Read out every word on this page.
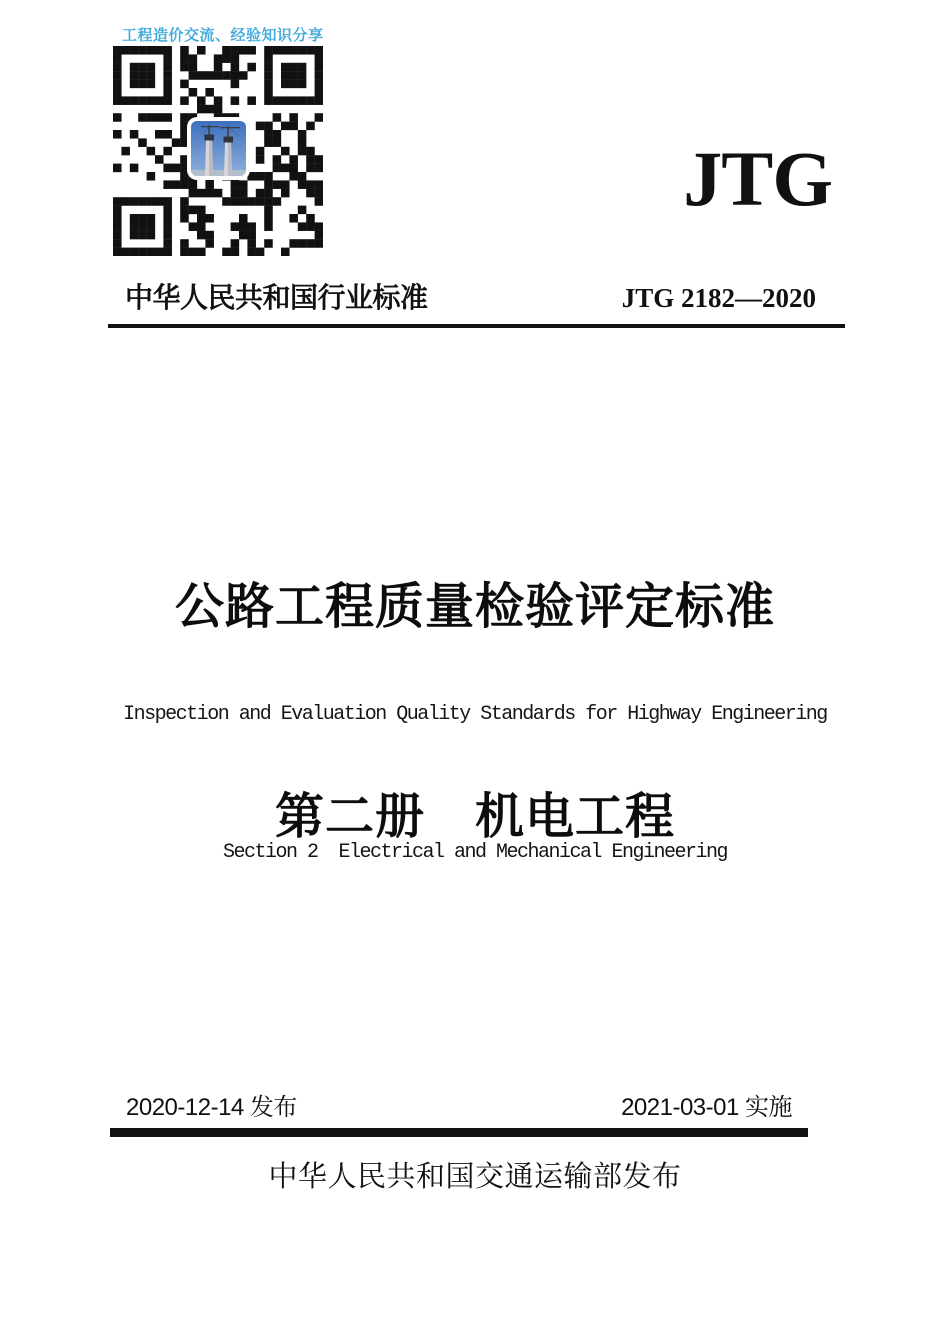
工程造价交流、经验知识分享
JTG
中华人民共和国行业标准	JTG 2182—2020

公路工程质量检验评定标准

第二册　机电工程

Inspection and Evaluation Quality Standards for Highway Engineering

Section 2  Electrical and Mechanical Engineering

2020-12-14 发布	2021-03-01 实施
中华人民共和国交通运输部发布
